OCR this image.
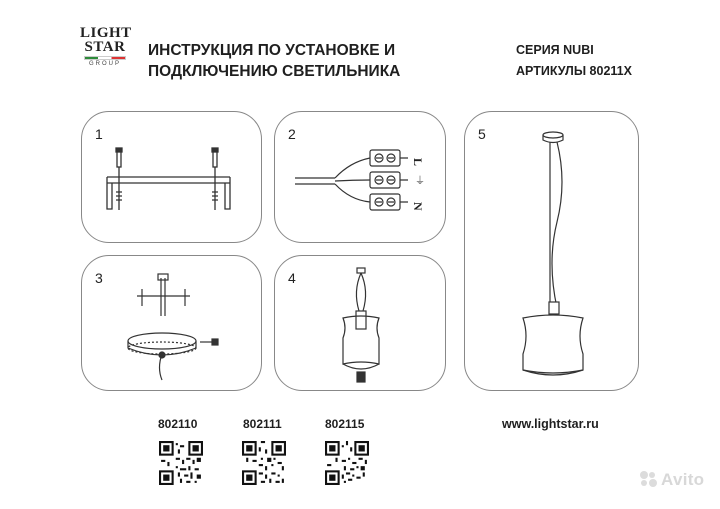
LIGHT
STAR
GROUP
ИНСТРУКЦИЯ ПО УСТАНОВКЕ И
ПОДКЛЮЧЕНИЮ СВЕТИЛЬНИКА
СЕРИЯ NUBI
АРТИКУЛЫ 80211X
1	2
L
⏚
N
3	4
5
802110	802111	802115	www.lightstar.ru
Avito
